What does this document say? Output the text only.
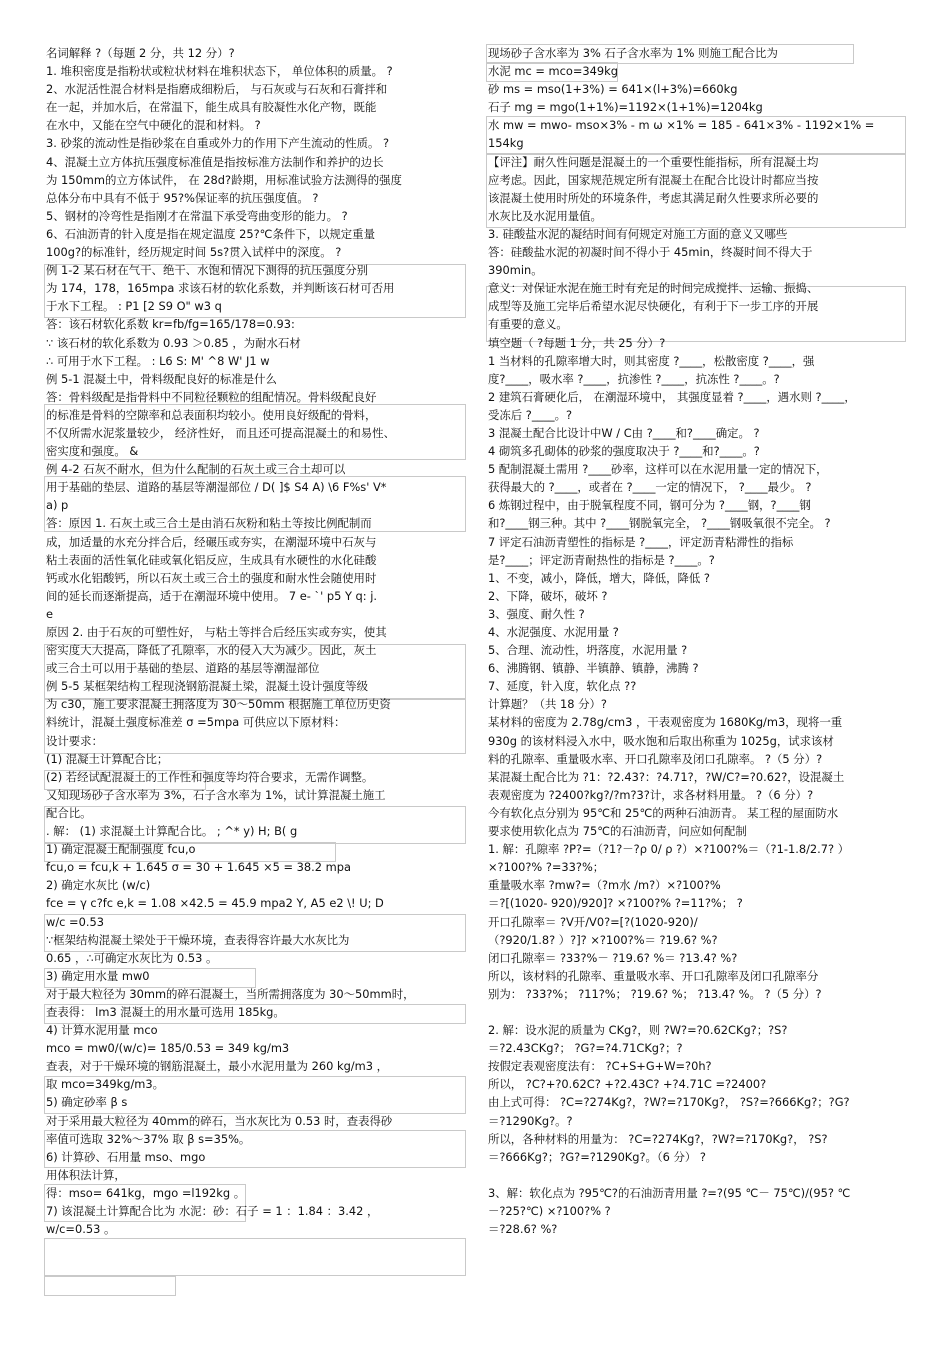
名词解释 ?（每题 2 分，共 12 分）?
1. 堆积密度是指粉状或粒状材料在堆积状态下， 单位体积的质量。 ?
2、水泥活性混合材料是指磨成细粉后， 与石灰或与石灰和石膏拌和
在一起，并加水后，在常温下，能生成具有胶凝性水化产物，既能
在水中，又能在空气中硬化的混和材料。 ?
3. 砂浆的流动性是指砂浆在自重或外力的作用下产生流动的性质。 ?
4、混凝土立方体抗压强度标准值是指按标准方法制作和养护的边长
为 150mm的立方体试件， 在 28d?龄期，用标准试验方法测得的强度
总体分布中具有不低于 95?%保证率的抗压强度值。 ?
5、钢材的冷弯性是指刚才在常温下承受弯曲变形的能力。 ?
6、石油沥青的针入度是指在规定温度 25?℃条件下，以规定重量
100g?的标准针，经历规定时间 5s?贯入试样中的深度。 ?
例 1-2 某石材在气干、绝干、水饱和情况下测得的抗压强度分别
为 174，178，165mpa 求该石材的软化系数，并判断该石材可否用
于水下工程。 : P1 [2 S9 O" w3 q
答：该石材软化系数 kr=fb/fg=165/178=0.93:
∵ 该石材的软化系数为 0.93 ＞0.85 ，为耐水石材
∴ 可用于水下工程。 : L6 S: M' ^8 W' J1 w
例 5-1 混凝土中，骨料级配良好的标准是什么
答：骨料级配是指骨料中不同粒径颗粒的组配情况。骨料级配良好
的标准是骨料的空隙率和总表面积均较小。使用良好级配的骨料，
不仅所需水泥浆量较少， 经济性好， 而且还可提高混凝土的和易性、
密实度和强度。 &
例 4-2 石灰不耐水，但为什么配制的石灰土或三合土却可以
用于基础的垫层、道路的基层等潮湿部位 / D( ]$ S4 A) \6 F%s' V*
a) p
答：原因 1. 石灰土或三合土是由消石灰粉和粘土等按比例配制而
成，加适量的水充分拌合后，经碾压或夯实，在潮湿环境中石灰与
粘土表面的活性氧化硅或氧化铝反应，生成具有水硬性的水化硅酸
钙或水化铝酸钙，所以石灰土或三合土的强度和耐水性会随使用时
间的延长而逐渐提高，适于在潮湿环境中使用。 7 e- `' p5 Y q: j.
e
原因 2. 由于石灰的可塑性好， 与粘土等拌合后经压实或夯实，使其
密实度大大提高，降低了孔隙率，水的侵入大为减少。因此，灰土
或三合土可以用于基础的垫层、道路的基层等潮湿部位
例 5-5 某框架结构工程现浇钢筋混凝土梁，混凝土设计强度等级
为 c30，施工要求混凝土拥落度为 30～50mm 根据施工单位历史资
料统计，混凝土强度标准差 σ =5mpa 可供应以下原材料：
设计要求：
(1) 混凝土计算配合比；
(2) 若经试配混凝土的工作性和强度等均符合要求，无需作调整。
又知现场砂子含水率为 3%，石子含水率为 1%，试计算混凝土施工
配合比。
. 解： (1) 求混凝土计算配合比。 ; ^* y) H; B( g
1) 确定混凝土配制强度 fcu,o
fcu,o = fcu,k + 1.645 σ = 30 + 1.645 ×5 = 38.2 mpa
2) 确定水灰比 (w/c)
fce = γ c?fc e,k = 1.08 ×42.5 = 45.9 mpa2 Y, A5 e2 \! U; D
w/c =0.53
∵框架结构混凝土梁处于干燥环境，查表得容许最大水灰比为
0.65 ，∴可确定水灰比为 0.53 。
3) 确定用水量 mw0
对于最大粒径为 30mm的碎石混凝土，当所需拥落度为 30～50mm时，
查表得： lm3 混凝土的用水量可选用 185kg。
4) 计算水泥用量 mco
mco = mw0/(w/c)= 185/0.53 = 349 kg/m3
查表，对于干燥环境的钢筋混凝土，最小水泥用量为 260 kg/m3 ，
取 mco=349kg/m3。
5) 确定砂率 β s
对于采用最大粒径为 40mm的碎石，当水灰比为 0.53 时，查表得砂
率值可选取 32%～37% 取 β s=35%。
6) 计算砂、石用量 mso、mgo
用体积法计算，
得：mso= 641kg，mgo =l192kg 。
7) 该混凝土计算配合比为 水泥：砂：石子 = 1 ：1.84 ：3.42 ，
w/c=0.53 。
现场砂子含水率为 3% 石子含水率为 1% 则施工配合比为
水泥 mc = mco=349kg
砂 ms = mso(1+3%) = 641×(l+3%)=660kg
石子 mg = mgo(1+1%)=1192×(1+1%)=1204kg
水 mw = mwo- mso×3% - m ω ×1% = 185 - 641×3% - 1192×1% =
154kg
【评注】耐久性问题是混凝土的一个重要性能指标，所有混凝土均
应考虑。因此，国家规范规定所有混凝土在配合比设计时都应当按
该混凝土使用时所处的环境条件，考虑其满足耐久性要求所必要的
水灰比及水泥用量值。
3. 硅酸盐水泥的凝结时间有何规定对施工方面的意义又哪些
答：硅酸盐水泥的初凝时间不得小于 45min，终凝时间不得大于
390min。
意义：对保证水泥在施工时有充足的时间完成搅拌、运输、振捣、
成型等及施工完毕后希望水泥尽快硬化，有利于下一步工序的开展
有重要的意义。
填空题（ ?每题 1 分，共 25 分）?
1 当材料的孔隙率增大时，则其密度 ?____，松散密度 ?____，强
度?____，吸水率 ?____，抗渗性 ?____，抗冻性 ?____。?
2 建筑石膏硬化后， 在潮湿环境中， 其强度显着 ?____，遇水则 ?____，
受冻后 ?____。?
3 混凝土配合比设计中W / C由 ?____和?____确定。 ?
4 砌筑多孔砌体的砂浆的强度取决于 ?____和?____。?
5 配制混凝土需用 ?____砂率，这样可以在水泥用量一定的情况下，
获得最大的 ?____，或者在 ?____一定的情况下， ?____最少。 ?
6 炼钢过程中，由于脱氧程度不同，钢可分为 ?____钢，?____钢
和?____钢三种。其中 ?____钢脱氧完全， ?____钢吸氧很不完全。 ?
7 评定石油沥青塑性的指标是 ?____，评定沥青粘滞性的指标
是?____；评定沥青耐热性的指标是 ?____。?
1、不变，减小，降低，增大，降低，降低 ?
2、下降，破坏，破坏 ?
3、强度、耐久性 ?
4、水泥强度、水泥用量 ?
5、合理、流动性，坍落度，水泥用量 ?
6、沸腾钢、镇静、半镇静、镇静，沸腾 ?
7、延度，针入度，软化点 ??
计算题？（共 18 分）?
某材料的密度为 2.78g/cm3 ，干表观密度为 1680Kg/m3，现将一重
930g 的该材料浸入水中，吸水饱和后取出称重为 1025g，试求该材
料的孔隙率、重量吸水率、开口孔隙率及闭口孔隙率。 ?（5 分）?
某混凝土配合比为 ?1：?2.43?：?4.71?，?W/C?=?0.62?，设混凝土
表观密度为 ?2400?kg?/?m?3?计，求各材料用量。 ?（6 分）?
今有软化点分别为 95℃和 25℃的两种石油沥青。 某工程的屋面防水
要求使用软化点为 75℃的石油沥青，问应如何配制
1. 解：孔隙率 ?P?=（?1?－?ρ 0/ ρ ?）×?100?%＝（?1-1.8/2.7? ）
×?100?% ?=33?%；
重量吸水率 ?mw?=（?m水 /m?）×?100?%
＝?[(1020- 920)/920]? ×?100?% ?=11?%； ?
开口孔隙率＝ ?V开/V0?=[?(1020-920)/
（?920/1.8? ）?]? ×?100?%＝ ?19.6? %?
闭口孔隙率＝ ?33?%－ ?19.6? %＝ ?13.4? %?
所以，该材料的孔隙率、重量吸水率、开口孔隙率及闭口孔隙率分
别为： ?33?%； ?11?%； ?19.6? %； ?13.4? %。 ?（5 分）?
2. 解：设水泥的质量为 CKg?，则 ?W?=?0.62CKg?；?S?
＝?2.43CKg?； ?G?=?4.71CKg?；?
按假定表观密度法有： ?C+S+G+W=?0h?
所以， ?C?+?0.62C? +?2.43C? +?4.71C =?2400?
由上式可得： ?C=?274Kg?，?W?=?170Kg?， ?S?=?666Kg?；?G?
＝?1290Kg?。?
所以，各种材料的用量为： ?C=?274Kg?，?W?=?170Kg?， ?S?
＝?666Kg?；?G?=?1290Kg?。（6 分） ?
3、解：软化点为 ?95℃?的石油沥青用量 ?=?(95 ℃－ 75℃)/(95? ℃
－?25?℃) ×?100?% ?
＝?28.6? %?
